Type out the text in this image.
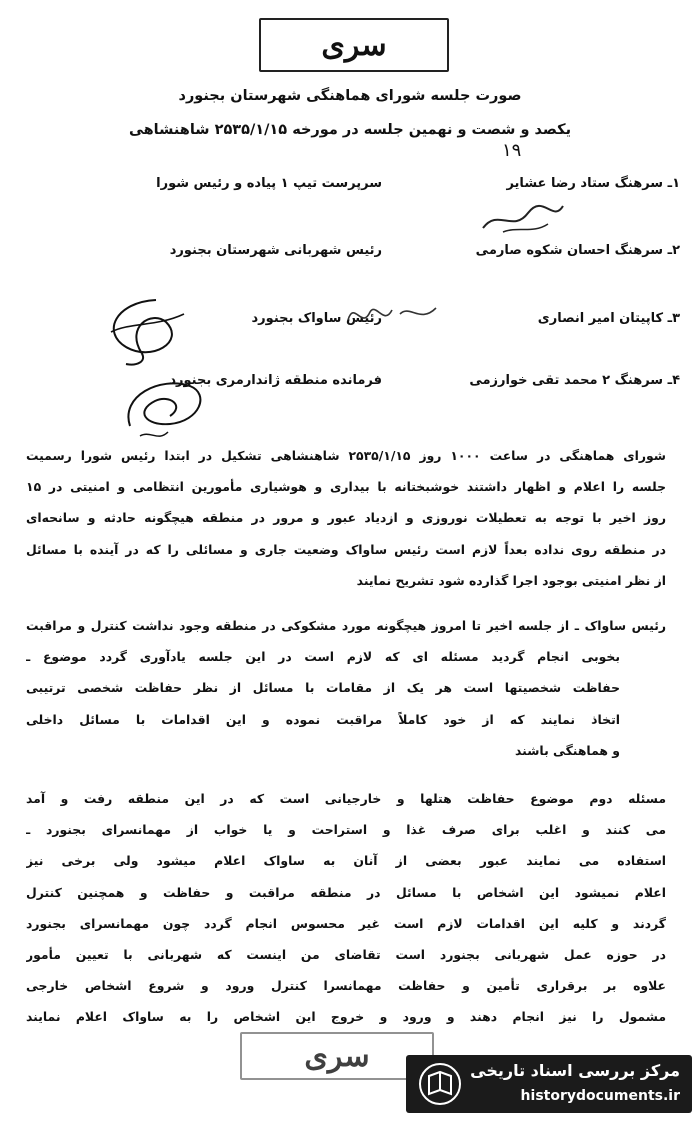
سری
صورت جلسه شورای هماهنگی شهرستان بجنورد
یکصد و شصت و نهمین جلسه در مورخه ۲۵۳۵/۱/۱۵ شاهنشاهی
۱۹
۱ـ سرهنگ ستاد رضا عشایر
سرپرست تیپ ۱ پیاده و رئیس شورا
۲ـ سرهنگ احسان شکوه صارمی
رئیس شهربانی شهرستان بجنورد
۳ـ کاپیتان امیر انصاری
رئیس ساواک بجنورد
۴ـ سرهنگ ۲ محمد تقی خوارزمی
فرمانده منطقه ژاندارمری بجنورد
شورای هماهنگی در ساعت ۱۰۰۰ روز ۲۵۳۵/۱/۱۵ شاهنشاهی تشکیل در ابتدا رئیس شورا رسمیت
جلسه را اعلام و اظهار داشتند خوشبختانه با بیداری و هوشیاری مأمورین انتظامی و امنیتی در ۱۵
روز اخیر با توجه به تعطیلات نوروزی و ازدیاد عبور و مرور در منطقه هیچگونه حادثه و سانحه‌ای
در منطقه روی نداده بعداً لازم است رئیس ساواک وضعیت جاری و مسائلی را که در آینده با مسائل
از نظر امنیتی بوجود اجرا گذارده شود تشریح نمایند
رئیس ساواک ـ از جلسه اخیر تا امروز هیچگونه مورد مشکوکی در منطقه وجود نداشت کنترل و مراقبت
بخوبی انجام گردید مسئله ای که لازم است در این جلسه یادآوری گردد موضوع ـ
حفاظت شخصیتها است هر یک از مقامات با مسائل از نظر حفاظت شخصی ترتیبی
اتخاذ نمایند که از خود کاملاً مراقبت نموده و این اقدامات با مسائل داخلی
و هماهنگی باشند
مسئله دوم موضوع حفاظت هتلها و خارجیانی است که در این منطقه رفت و آمد
می کنند و اغلب برای صرف غذا و استراحت و یا خواب از مهمانسرای بجنورد ـ
استفاده می نمایند عبور بعضی از آنان به ساواک اعلام میشود ولی برخی نیز
اعلام نمیشود این اشخاص با مسائل در منطقه مراقبت و حفاظت و همچنین کنترل
گردند و کلیه این اقدامات لازم است غیر محسوس انجام گردد چون مهمانسرای بجنورد
در حوزه عمل شهربانی بجنورد است تقاضای من اینست که شهربانی با تعیین مأمور
علاوه بر برقراری تأمین و حفاظت مهمانسرا کنترل ورود و شروع اشخاص خارجی
مشمول را نیز انجام دهند و ورود و خروج این اشخاص را به ساواک اعلام نمایند
سری	مرکز بررسی اسناد تاریخی
historydocuments.ir
